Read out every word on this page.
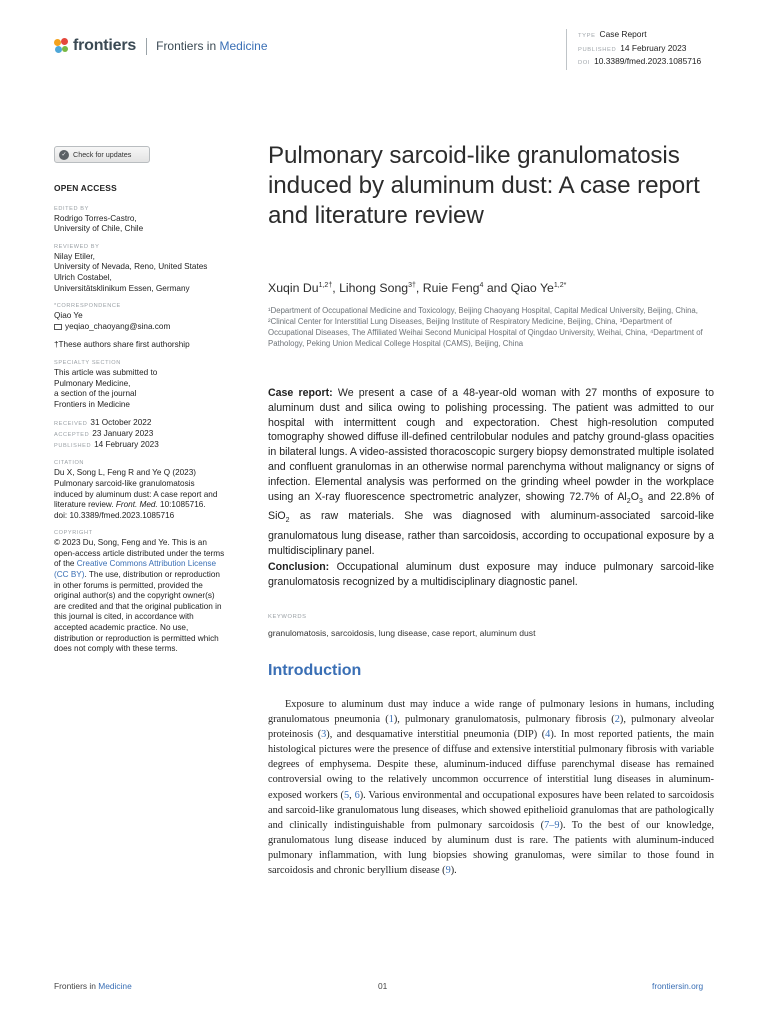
frontiers Frontiers in Medicine
TYPE Case Report
PUBLISHED 14 February 2023
DOI 10.3389/fmed.2023.1085716
✓ Check for updates
OPEN ACCESS
EDITED BY
Rodrigo Torres-Castro,
University of Chile, Chile
REVIEWED BY
Nilay Etiler,
University of Nevada, Reno, United States
Ulrich Costabel,
Universitätsklinikum Essen, Germany
*CORRESPONDENCE
Qiao Ye
yeqiao_chaoyang@sina.com
†These authors share first authorship
SPECIALTY SECTION
This article was submitted to
Pulmonary Medicine,
a section of the journal
Frontiers in Medicine
RECEIVED 31 October 2022
ACCEPTED 23 January 2023
PUBLISHED 14 February 2023
CITATION
Du X, Song L, Feng R and Ye Q (2023)
Pulmonary sarcoid-like granulomatosis
induced by aluminum dust: A case report and
literature review. Front. Med. 10:1085716.
doi: 10.3389/fmed.2023.1085716
COPYRIGHT
© 2023 Du, Song, Feng and Ye. This is an
open-access article distributed under the terms
of the Creative Commons Attribution License
(CC BY). The use, distribution or reproduction
in other forums is permitted, provided the
original author(s) and the copyright owner(s)
are credited and that the original publication in
this journal is cited, in accordance with
accepted academic practice. No use,
distribution or reproduction is permitted which
does not comply with these terms.
Pulmonary sarcoid-like granulomatosis induced by aluminum dust: A case report and literature review
Xuqin $Du^{1,2\dagger}$, Lihong Song$^{3\dagger}$, Ruie Feng$^4$ and Qiao $Ye^{1,2*}$
¹Department of Occupational Medicine and Toxicology, Beijing Chaoyang Hospital, Capital Medical University, Beijing, China, ²Clinical Center for Interstitial Lung Diseases, Beijing Institute of Respiratory Medicine, Beijing, China, ³Department of Occupational Diseases, The Affiliated Weihai Second Municipal Hospital of Qingdao University, Weihai, China, ⁴Department of Pathology, Peking Union Medical College Hospital (CAMS), Beijing, China

Case report: We present a case of a 48-year-old woman with 27 months of exposure to aluminum dust and silica owing to polishing processing. The patient was admitted to our hospital with intermittent cough and expectoration. Chest high-resolution computed tomography showed diffuse ill-defined centrilobular nodules and patchy ground-glass opacities in bilateral lungs. A video-assisted thoracoscopic surgery biopsy demonstrated multiple isolated and confluent granulomas in an otherwise normal parenchyma without malignancy or signs of infection. Elemental analysis was performed on the grinding wheel powder in the workplace using an X-ray fluorescence spectrometric analyzer, showing 72.7% of $Al_2O_3$ and 22.8% of SiO$_2$ as raw materials. She was diagnosed with aluminum-associated sarcoid-like granulomatous lung disease, rather than sarcoidosis, according to occupational exposure by a multidisciplinary panel.

Conclusion: Occupational aluminum dust exposure may induce pulmonary sarcoid-like granulomatosis recognized by a multidisciplinary diagnostic panel.

KEYWORDS
granulomatosis, sarcoidosis, lung disease, case report, aluminum dust
Introduction

Exposure to aluminum dust may induce a wide range of pulmonary lesions in humans, including granulomatous pneumonia (1), pulmonary granulomatosis, pulmonary fibrosis (2), pulmonary alveolar proteinosis (3), and desquamative interstitial pneumonia (DIP) (4). In most reported patients, the main histological pictures were the presence of diffuse and extensive interstitial pulmonary fibrosis with variable degrees of emphysema. Despite these, aluminum-induced diffuse parenchymal disease has remained controversial owing to the relatively uncommon occurrence of interstitial lung diseases in aluminum-exposed workers (5, 6). Various environmental and occupational exposures have been related to sarcoidosis and sarcoid-like granulomatous lung diseases, which showed epithelioid granulomas that are pathologically and clinically indistinguishable from pulmonary sarcoidosis (7–9). To the best of our knowledge, granulomatous lung disease induced by aluminum dust is rare. The patients with aluminum-induced pulmonary inflammation, with lung biopsies showing granulomas, were similar to those found in sarcoidosis and chronic beryllium disease (9).

Frontiers in Medicine	01	frontiersin.org
